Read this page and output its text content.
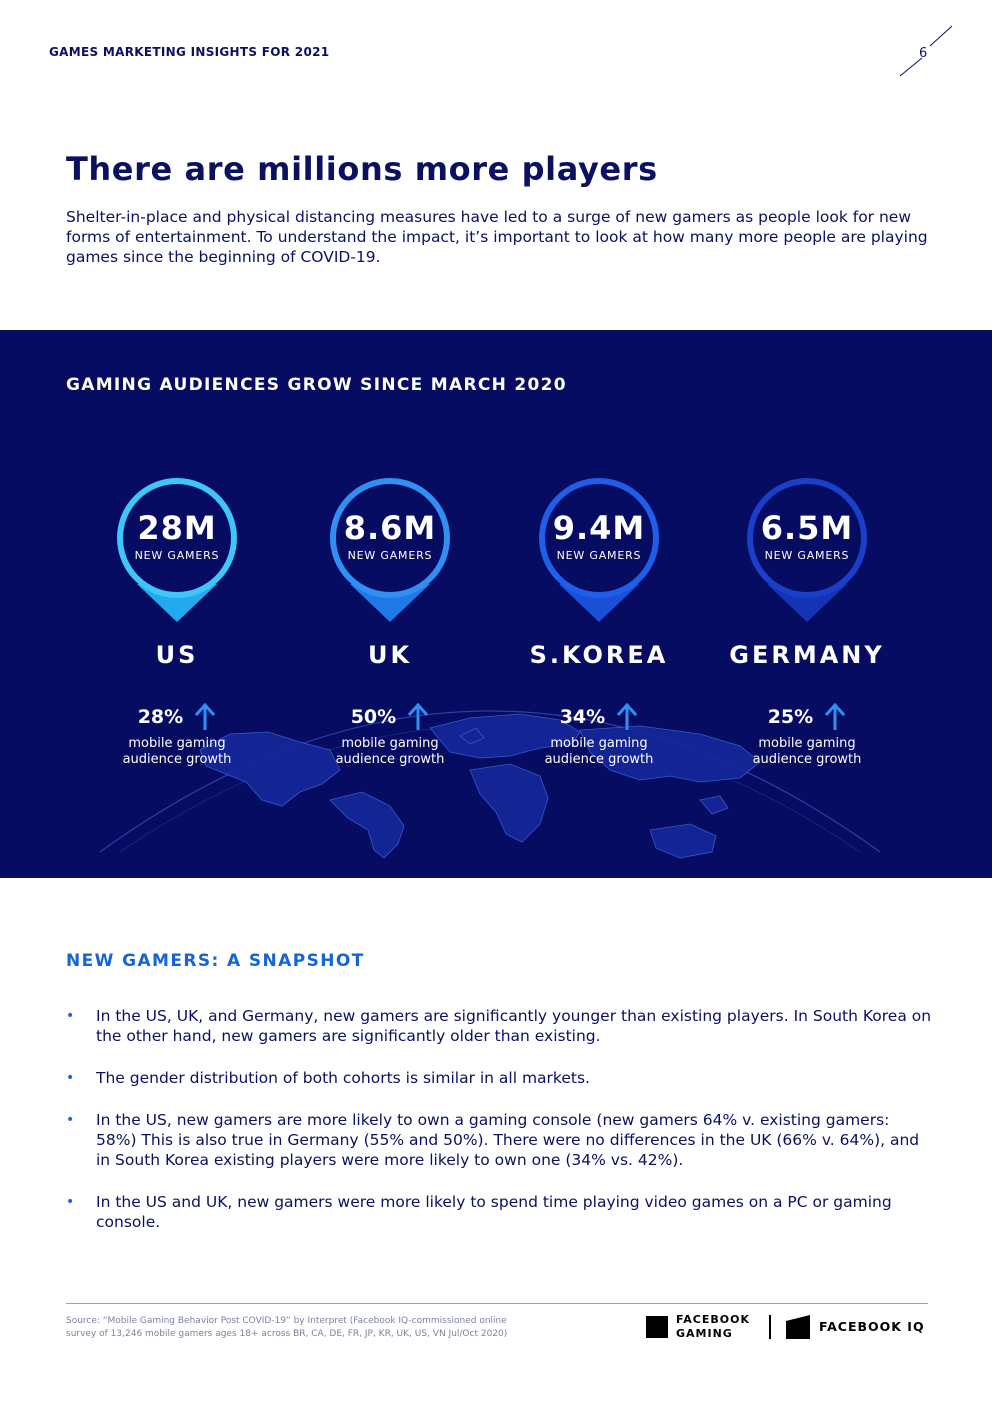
GAMES MARKETING INSIGHTS FOR 2021	6
There are millions more players

Shelter-in-place and physical distancing measures have led to a surge of new gamers as people look for new forms of entertainment. To understand the impact, it’s important to look at how many more people are playing games since the beginning of COVID-19.

GAMING AUDIENCES GROW SINCE MARCH 2020
28M
NEW GAMERS
US
28%
mobile gaming
audience growth
8.6M
NEW GAMERS
UK
50%
mobile gaming
audience growth
9.4M
NEW GAMERS
S.KOREA
34%
mobile gaming
audience growth
6.5M
NEW GAMERS
GERMANY
25%
mobile gaming
audience growth
NEW GAMERS: A SNAPSHOT
• In the US, UK, and Germany, new gamers are significantly younger than existing players. In South Korea on the other hand, new gamers are significantly older than existing.
• The gender distribution of both cohorts is similar in all markets.
• In the US, new gamers are more likely to own a gaming console (new gamers 64% v. existing gamers: 58%) This is also true in Germany (55% and 50%). There were no differences in the UK (66% v. 64%), and in South Korea existing players were more likely to own one (34% vs. 42%).
• In the US and UK, new gamers were more likely to spend time playing video games on a PC or gaming console.
Source: “Mobile Gaming Behavior Post COVID-19” by Interpret (Facebook IQ-commissioned online
survey of 13,246 mobile gamers ages 18+ across BR, CA, DE, FR, JP, KR, UK, US, VN Jul/Oct 2020)
FACEBOOK
GAMING	FACEBOOK IQ
